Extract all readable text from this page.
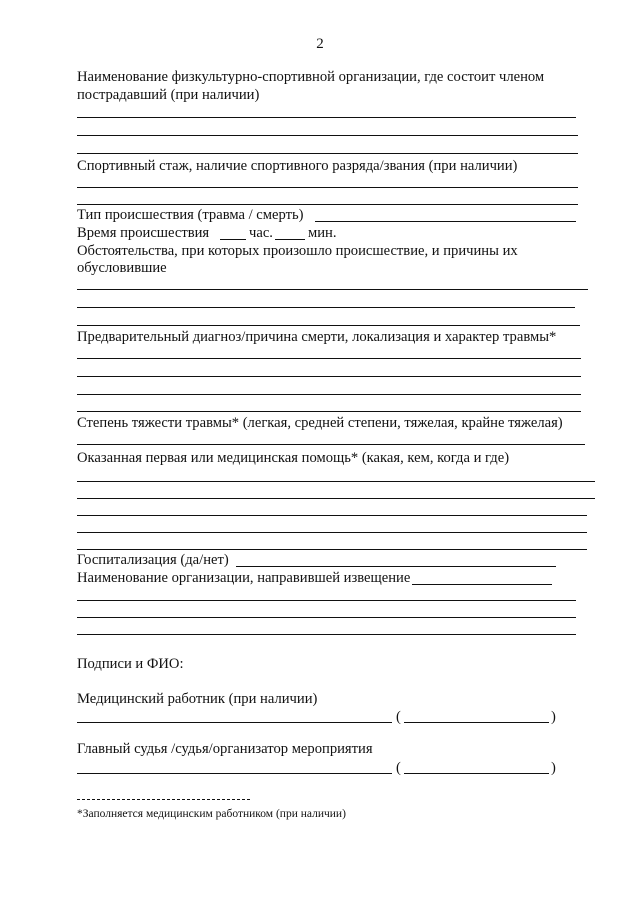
2
Наименование физкультурно-спортивной организации, где состоит членом
пострадавший (при наличии)
Спортивный стаж, наличие спортивного разряда/звания (при наличии)
Тип происшествия (травма / смерть)
Время происшествия	час. мин.
Обстоятельства, при которых произошло происшествие, и причины их
обусловившие
Предварительный диагноз/причина смерти, локализация и характер травмы*
Степень тяжести травмы* (легкая, средней степени, тяжелая, крайне тяжелая)
Оказанная первая или медицинская помощь* (какая, кем, когда и где)
Госпитализация (да/нет)
Наименование организации, направившей извещение
Подписи и ФИО:
Медицинский работник (при наличии)
(	)
Главный судья /судья/организатор мероприятия
(	)
*Заполняется медицинским работником (при наличии)
